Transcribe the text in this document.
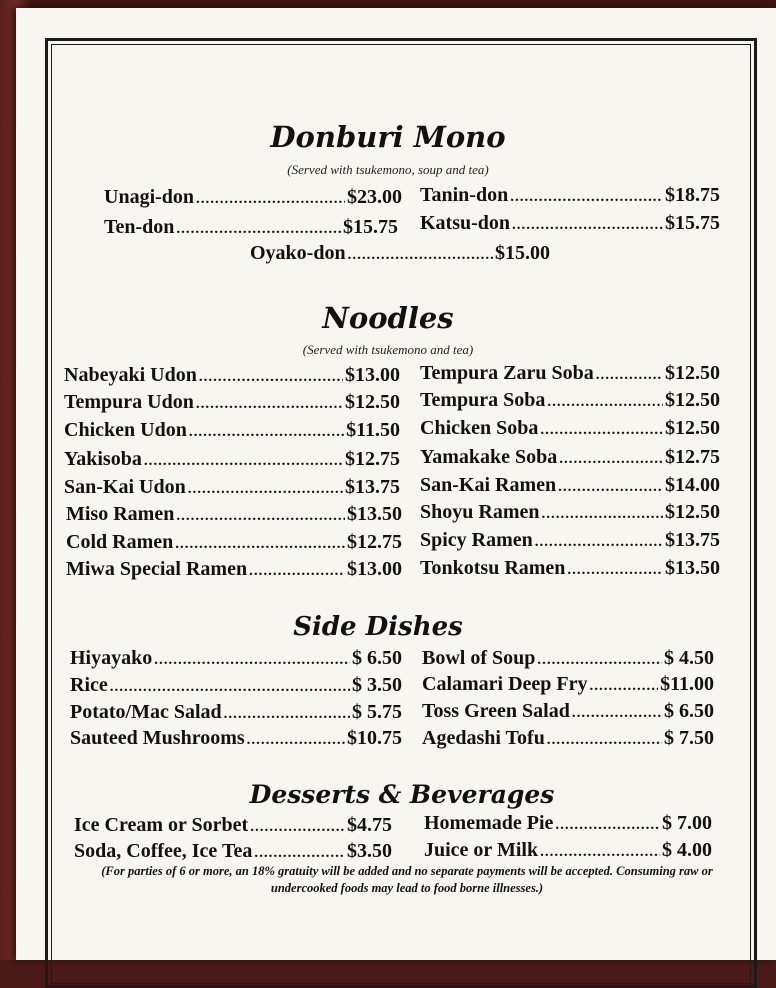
Donburi Mono
(Served with tsukemono, soup and tea)
Unagi-don .....	$23.00 Tanin-don .....	$18.75
Ten-don .....	$15.75 Katsu-don .....	$15.75
Oyako-don .....	$15.00
Noodles
(Served with tsukemono and tea)
Nabeyaki Udon .....	$13.00
Tempura Udon .....	$12.50
Chicken Udon .....	$11.50
Yakisoba .....	$12.75
San-Kai Udon .....	$13.75
Miso Ramen .....	$13.50
Cold Ramen .....	$12.75
Miwa Special Ramen .....	$13.00
Tempura Zaru Soba .....	$12.50
Tempura Soba .....	$12.50
Chicken Soba .....	$12.50
Yamakake Soba .....	$12.75
San-Kai Ramen .....	$14.00
Shoyu Ramen .....	$12.50
Spicy Ramen .....	$13.75
Tonkotsu Ramen .....	$13.50
Side Dishes
Hiyayako .....	$ 6.50
Rice .....	$ 3.50
Potato/Mac Salad .....	$ 5.75
Sauteed Mushrooms .....	$10.75
Bowl of Soup .....	$ 4.50
Calamari Deep Fry .....	$11.00
Toss Green Salad .....	$ 6.50
Agedashi Tofu .....	$ 7.50
Desserts & Beverages
Ice Cream or Sorbet .....	$4.75
Soda, Coffee, Ice Tea .....	$3.50
Homemade Pie .....	$ 7.00
Juice or Milk .....	$ 4.00
(For parties of 6 or more, an 18% gratuity will be added and no separate payments will be accepted. Consuming raw or undercooked foods may lead to food borne illnesses.)
